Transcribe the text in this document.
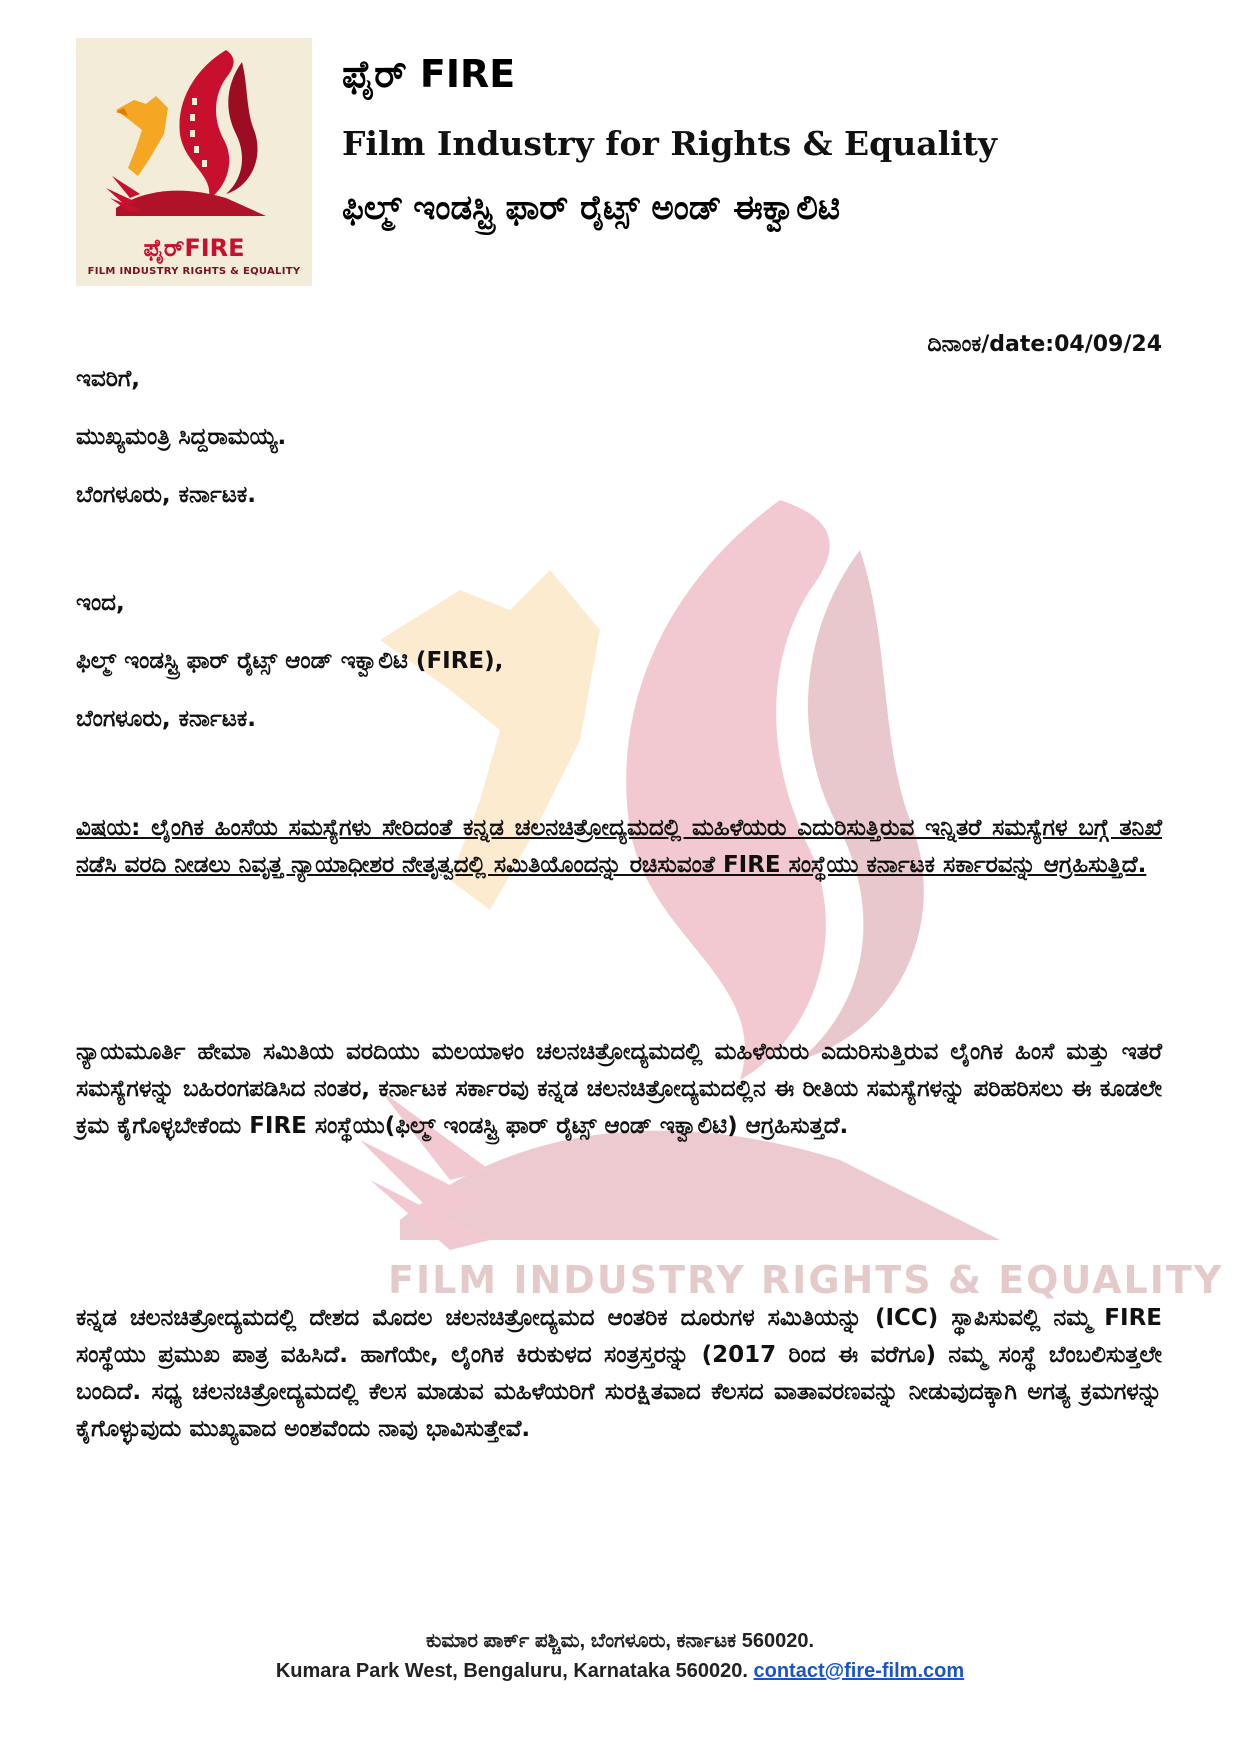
ಫೈರ್FIRE
FILM INDUSTRY RIGHTS & EQUALITY
ಫೈರ್ FIRE
Film Industry for Rights & Equality
ಫಿಲ್ಮ್ ಇಂಡಸ್ಟ್ರಿ ಫಾರ್ ರೈಟ್ಸ್ ಅಂಡ್ ಈಕ್ವಾಲಿಟಿ
FILM INDUSTRY RIGHTS & EQUALITY
ದಿನಾಂಕ/date:04/09/24
ಇವರಿಗೆ,
ಮುಖ್ಯಮಂತ್ರಿ ಸಿದ್ದರಾಮಯ್ಯ.
ಬೆಂಗಳೂರು, ಕರ್ನಾಟಕ.
ಇಂದ,
ಫಿಲ್ಮ್ ಇಂಡಸ್ಟ್ರಿ ಫಾರ್ ರೈಟ್ಸ್ ಆಂಡ್ ಇಕ್ವಾಲಿಟಿ (FIRE),
ಬೆಂಗಳೂರು, ಕರ್ನಾಟಕ.
ವಿಷಯ: ಲೈಂಗಿಕ ಹಿಂಸೆಯ ಸಮಸ್ಯೆಗಳು ಸೇರಿದಂತೆ ಕನ್ನಡ ಚಲನಚಿತ್ರೋದ್ಯಮದಲ್ಲಿ ಮಹಿಳೆಯರು ಎದುರಿಸುತ್ತಿರುವ ಇನ್ನಿತರೆ ಸಮಸ್ಯೆಗಳ ಬಗ್ಗೆ ತನಿಖೆ ನಡೆಸಿ ವರದಿ ನೀಡಲು ನಿವೃತ್ತ ನ್ಯಾಯಾಧೀಶರ ನೇತೃತ್ವದಲ್ಲಿ ಸಮಿತಿಯೊಂದನ್ನು ರಚಿಸುವಂತೆ FIRE ಸಂಸ್ಥೆಯು ಕರ್ನಾಟಕ ಸರ್ಕಾರವನ್ನು ಆಗ್ರಹಿಸುತ್ತಿದೆ.
ನ್ಯಾಯಮೂರ್ತಿ ಹೇಮಾ ಸಮಿತಿಯ ವರದಿಯು ಮಲಯಾಳಂ ಚಲನಚಿತ್ರೋದ್ಯಮದಲ್ಲಿ ಮಹಿಳೆಯರು ಎದುರಿಸುತ್ತಿರುವ ಲೈಂಗಿಕ ಹಿಂಸೆ ಮತ್ತು ಇತರೆ ಸಮಸ್ಯೆಗಳನ್ನು ಬಹಿರಂಗಪಡಿಸಿದ ನಂತರ, ಕರ್ನಾಟಕ ಸರ್ಕಾರವು ಕನ್ನಡ ಚಲನಚಿತ್ರೋದ್ಯಮದಲ್ಲಿನ ಈ ರೀತಿಯ ಸಮಸ್ಯೆಗಳನ್ನು ಪರಿಹರಿಸಲು ಈ ಕೂಡಲೇ ಕ್ರಮ ಕೈಗೊಳ್ಳಬೇಕೆಂದು FIRE ಸಂಸ್ಥೆಯು(ಫಿಲ್ಮ್ ಇಂಡಸ್ಟ್ರಿ ಫಾರ್ ರೈಟ್ಸ್ ಆಂಡ್ ಇಕ್ವಾಲಿಟಿ) ಆಗ್ರಹಿಸುತ್ತದೆ.
ಕನ್ನಡ ಚಲನಚಿತ್ರೋದ್ಯಮದಲ್ಲಿ ದೇಶದ ಮೊದಲ ಚಲನಚಿತ್ರೋದ್ಯಮದ ಆಂತರಿಕ ದೂರುಗಳ ಸಮಿತಿಯನ್ನು (ICC) ಸ್ಥಾಪಿಸುವಲ್ಲಿ ನಮ್ಮ FIRE ಸಂಸ್ಥೆಯು ಪ್ರಮುಖ ಪಾತ್ರ ವಹಿಸಿದೆ. ಹಾಗೆಯೇ, ಲೈಂಗಿಕ ಕಿರುಕುಳದ ಸಂತ್ರಸ್ತರನ್ನು (2017 ರಿಂದ ಈ ವರೆಗೂ) ನಮ್ಮ ಸಂಸ್ಥೆ ಬೆಂಬಲಿಸುತ್ತಲೇ ಬಂದಿದೆ. ಸಧ್ಯ ಚಲನಚಿತ್ರೋದ್ಯಮದಲ್ಲಿ ಕೆಲಸ ಮಾಡುವ ಮಹಿಳೆಯರಿಗೆ ಸುರಕ್ಷಿತವಾದ ಕೆಲಸದ ವಾತಾವರಣವನ್ನು ನೀಡುವುದಕ್ಕಾಗಿ ಅಗತ್ಯ ಕ್ರಮಗಳನ್ನು ಕೈಗೊಳ್ಳುವುದು ಮುಖ್ಯವಾದ ಅಂಶವೆಂದು ನಾವು ಭಾವಿಸುತ್ತೇವೆ.
ಕುಮಾರ ಪಾರ್ಕ್ ಪಶ್ಚಿಮ, ಬೆಂಗಳೂರು, ಕರ್ನಾಟಕ 560020.
Kumara Park West, Bengaluru, Karnataka 560020. contact@fire-film.com
